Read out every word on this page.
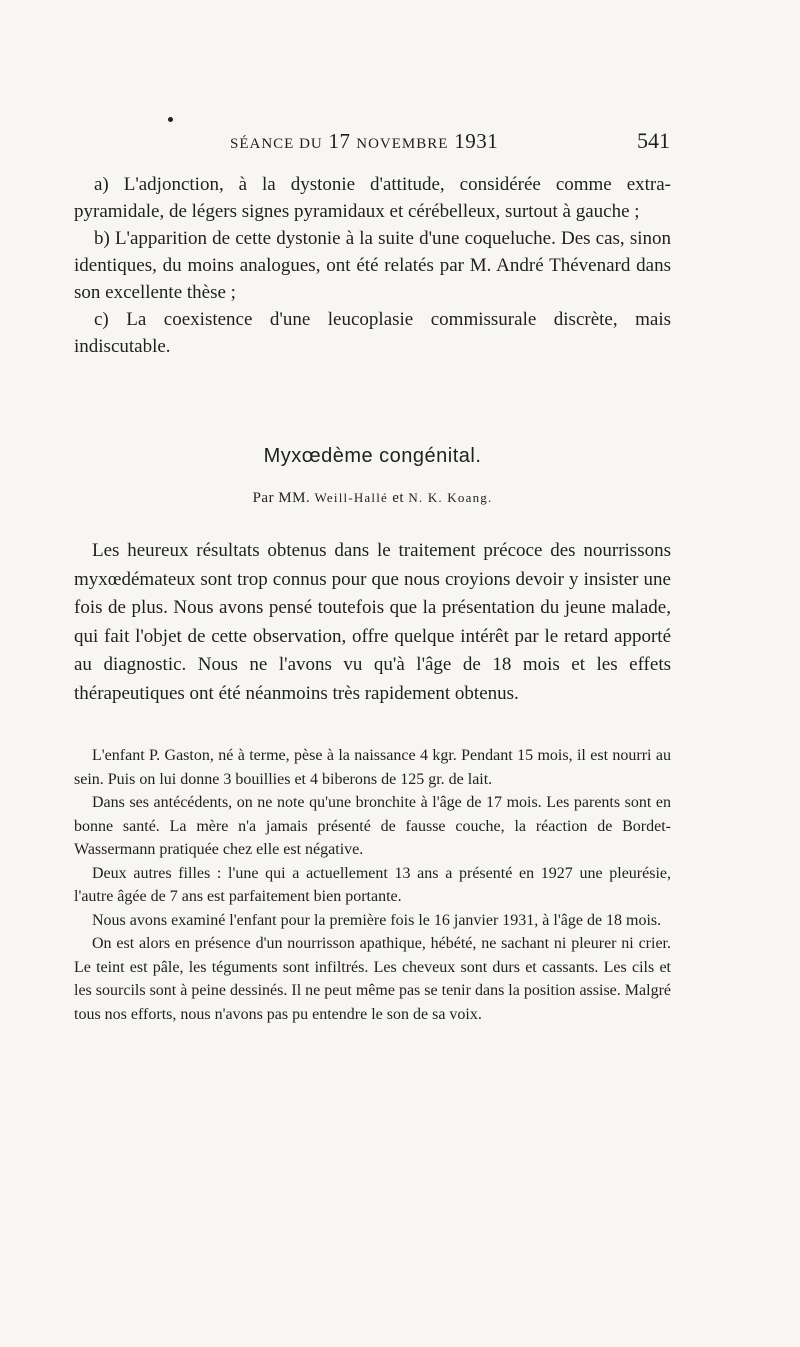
SÉANCE DU 17 NOVEMBRE 1931	541

a) L'adjonction, à la dystonie d'attitude, considérée comme extra-pyramidale, de légers signes pyramidaux et cérébelleux, surtout à gauche ;

b) L'apparition de cette dystonie à la suite d'une coqueluche. Des cas, sinon identiques, du moins analogues, ont été relatés par M. André Thévenard dans son excellente thèse ;

c) La coexistence d'une leucoplasie commissurale discrète, mais indiscutable.

Myxœdème congénital.
Par MM. Weill-Hallé et N. K. Koang.

Les heureux résultats obtenus dans le traitement précoce des nourrissons myxœdémateux sont trop connus pour que nous croyions devoir y insister une fois de plus. Nous avons pensé toutefois que la présentation du jeune malade, qui fait l'objet de cette observation, offre quelque intérêt par le retard apporté au diagnostic. Nous ne l'avons vu qu'à l'âge de 18 mois et les effets thérapeutiques ont été néanmoins très rapidement obtenus.

L'enfant P. Gaston, né à terme, pèse à la naissance 4 kgr. Pendant 15 mois, il est nourri au sein. Puis on lui donne 3 bouillies et 4 biberons de 125 gr. de lait.

Dans ses antécédents, on ne note qu'une bronchite à l'âge de 17 mois. Les parents sont en bonne santé. La mère n'a jamais présenté de fausse couche, la réaction de Bordet-Wassermann pratiquée chez elle est négative.

Deux autres filles : l'une qui a actuellement 13 ans a présenté en 1927 une pleurésie, l'autre âgée de 7 ans est parfaitement bien portante.

Nous avons examiné l'enfant pour la première fois le 16 janvier 1931, à l'âge de 18 mois.

On est alors en présence d'un nourrisson apathique, hébété, ne sachant ni pleurer ni crier. Le teint est pâle, les téguments sont infiltrés. Les cheveux sont durs et cassants. Les cils et les sourcils sont à peine dessinés. Il ne peut même pas se tenir dans la position assise. Malgré tous nos efforts, nous n'avons pas pu entendre le son de sa voix.
